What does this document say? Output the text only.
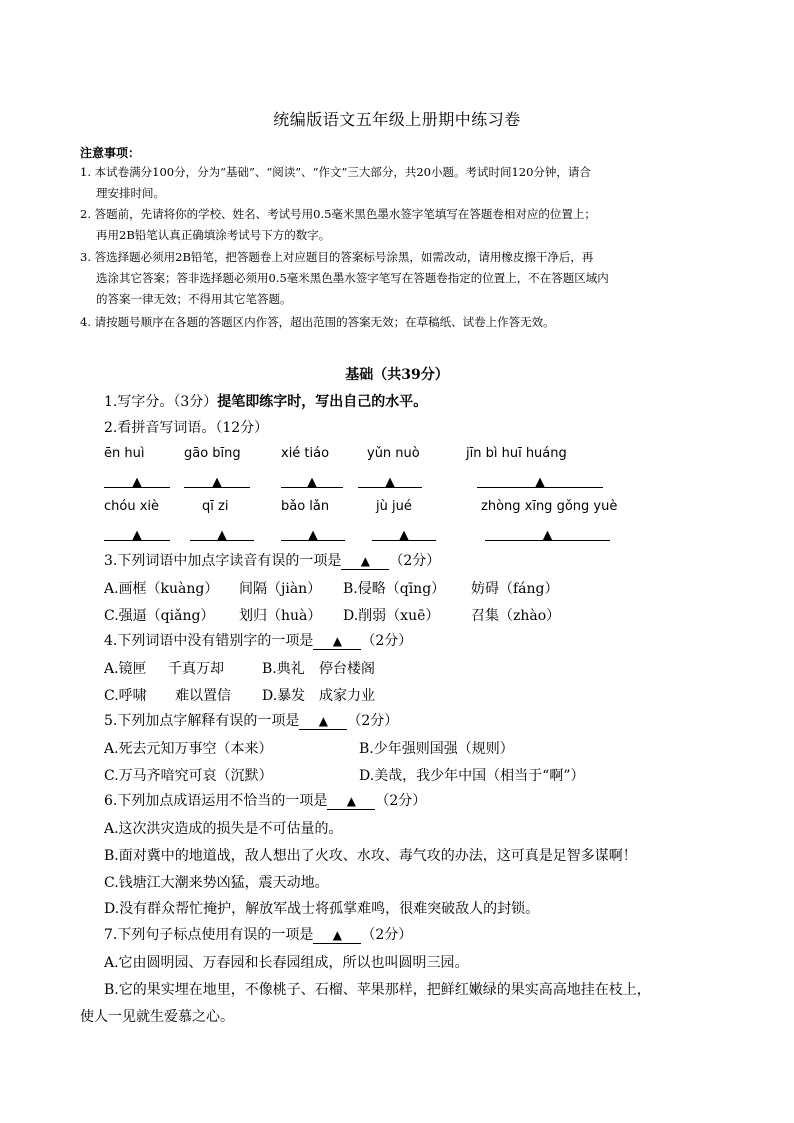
统编版语文五年级上册期中练习卷
注意事项：
1. 本试卷满分100分，分为“基础”、“阅读”、“作文”三大部分，共20小题。考试时间120分钟，请合
理安排时间。
2. 答题前，先请将你的学校、姓名、考试号用0.5毫米黑色墨水签字笔填写在答题卷相对应的位置上；
再用2B铅笔认真正确填涂考试号下方的数字。
3. 答选择题必须用2B铅笔，把答题卷上对应题目的答案标号涂黑，如需改动，请用橡皮擦干净后，再
选涂其它答案；答非选择题必须用0.5毫米黑色墨水签字笔写在答题卷指定的位置上，不在答题区域内
的答案一律无效；不得用其它笔答题。
4. 请按题号顺序在各题的答题区内作答，超出范围的答案无效；在草稿纸、试卷上作答无效。
基础（共39分）
1.写字分。（3分）提笔即练字时，写出自己的水平。
2.看拼音写词语。（12分）
ēn huì	gāo bīng	xié tiáo	yǔn nuò	jīn bì huī huáng
▲	▲	▲	▲	▲
chóu xiè	qī zi	bǎo lǎn	jù jué	zhòng xīng gǒng yuè
▲	▲	▲	▲	▲
3.下列词语中加点字读音有误的一项是 ▲ （2分）
A.画框（kuàng） 间隔（jiàn） B.侵略（qīng） 妨碍（fáng）
C.强逼（qiǎng） 划归（huà） D.削弱（xuē） 召集（zhào）
4.下列词语中没有错别字的一项是 ▲ （2分）
A.镜匣 千真万却	B.典礼 停台楼阁
C.呼啸 难以置信 D.暴发 成家力业
5.下列加点字解释有误的一项是 ▲ （2分）
A.死去元知万事空（本来）	B.少年强则国强（规则）
C.万马齐喑究可哀（沉默）	D.美哉，我少年中国（相当于“啊”）
6.下列加点成语运用不恰当的一项是 ▲ （2分）
A.这次洪灾造成的损失是不可估量的。
B.面对冀中的地道战，敌人想出了火攻、水攻、毒气攻的办法，这可真是足智多谋啊！
C.钱塘江大潮来势凶猛，震天动地。
D.没有群众帮忙掩护，解放军战士将孤掌难鸣，很难突破敌人的封锁。
7.下列句子标点使用有误的一项是 ▲ （2分）
A.它由圆明园、万春园和长春园组成，所以也叫圆明三园。
B.它的果实埋在地里，不像桃子、石榴、苹果那样，把鲜红嫩绿的果实高高地挂在枝上，
使人一见就生爱慕之心。
